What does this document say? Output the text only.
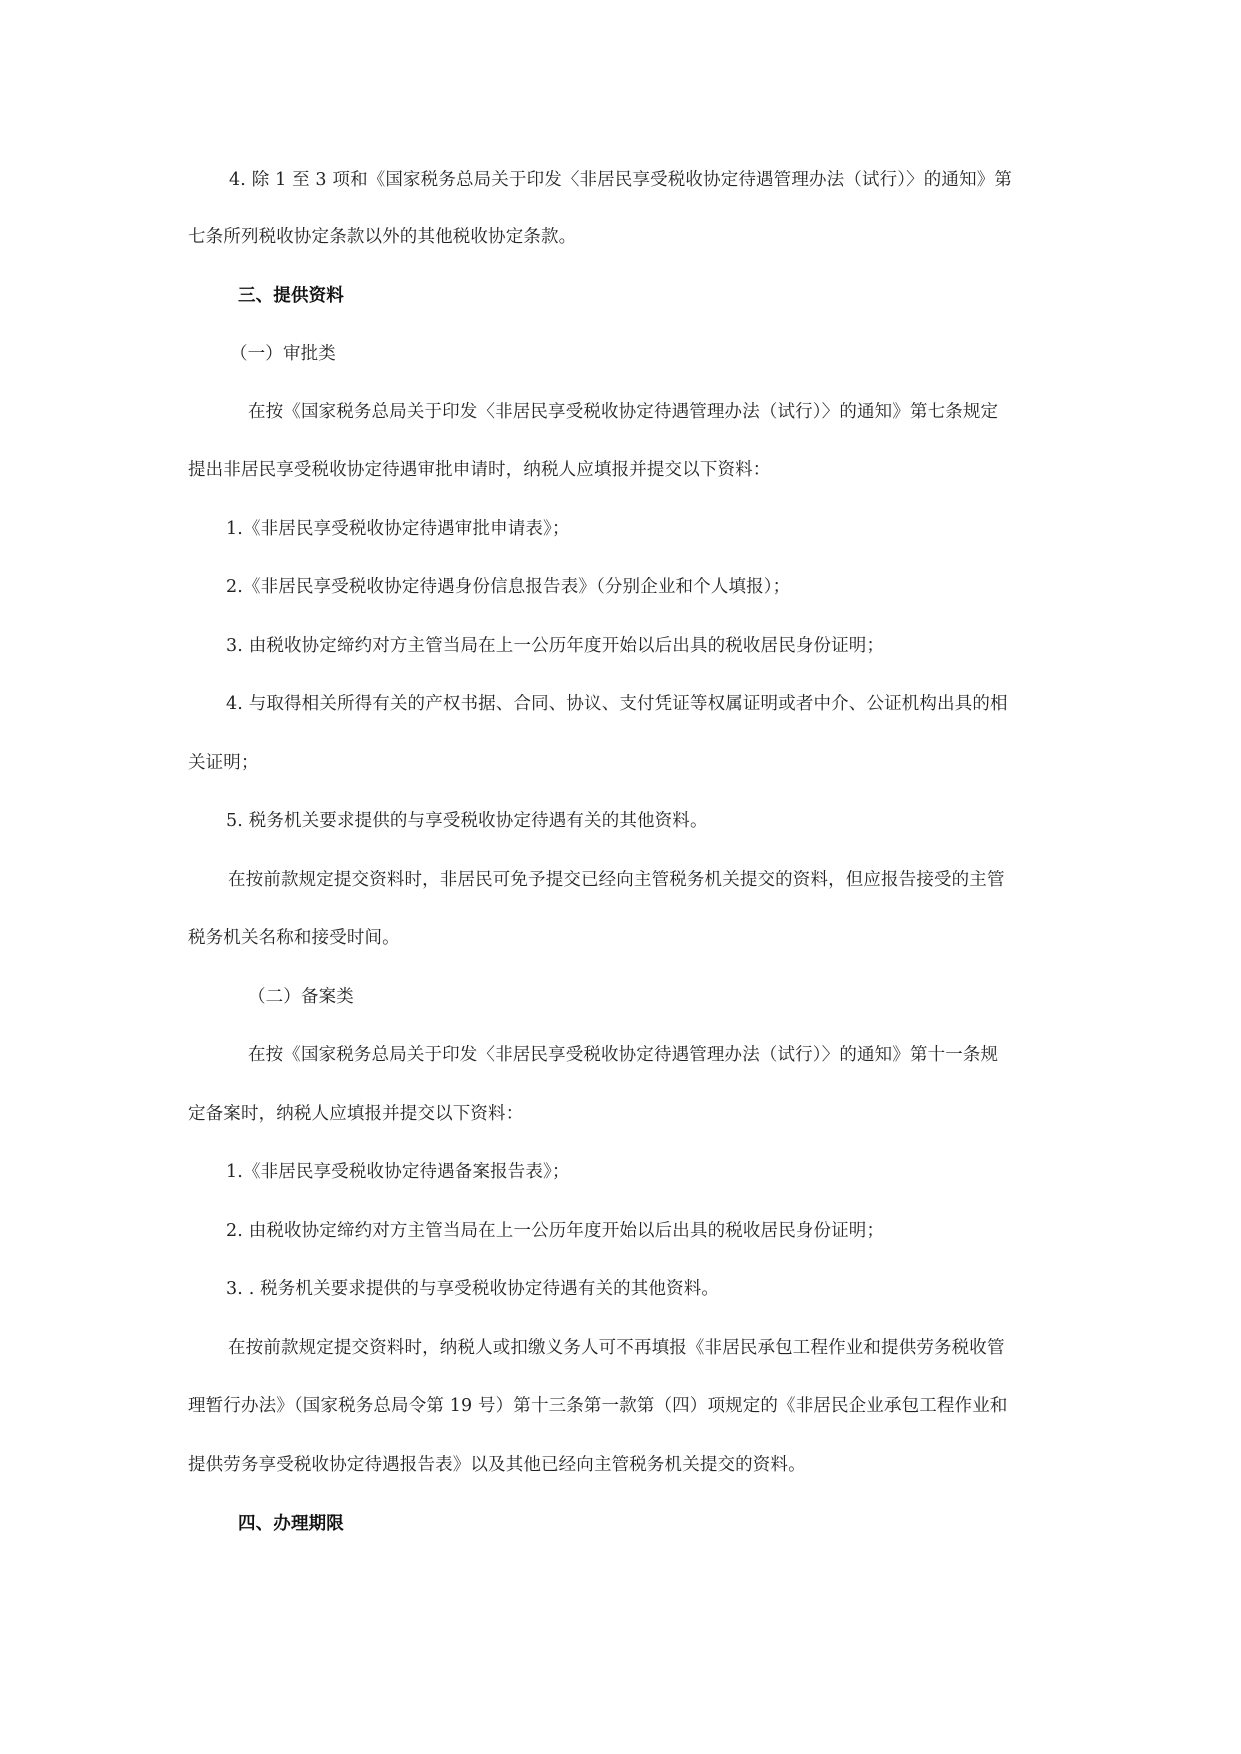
4. 除 1 至 3 项和《国家税务总局关于印发〈非居民享受税收协定待遇管理办法（试行）〉的通知》第
七条所列税收协定条款以外的其他税收协定条款。
三、提供资料
（一）审批类
在按《国家税务总局关于印发〈非居民享受税收协定待遇管理办法（试行）〉的通知》第七条规定
提出非居民享受税收协定待遇审批申请时，纳税人应填报并提交以下资料：
1.《非居民享受税收协定待遇审批申请表》；
2.《非居民享受税收协定待遇身份信息报告表》（分别企业和个人填报）；
3. 由税收协定缔约对方主管当局在上一公历年度开始以后出具的税收居民身份证明；
4. 与取得相关所得有关的产权书据、合同、协议、支付凭证等权属证明或者中介、公证机构出具的相
关证明；
5. 税务机关要求提供的与享受税收协定待遇有关的其他资料。
在按前款规定提交资料时，非居民可免予提交已经向主管税务机关提交的资料，但应报告接受的主管
税务机关名称和接受时间。
（二）备案类
在按《国家税务总局关于印发〈非居民享受税收协定待遇管理办法（试行）〉的通知》第十一条规
定备案时，纳税人应填报并提交以下资料：
1.《非居民享受税收协定待遇备案报告表》；
2. 由税收协定缔约对方主管当局在上一公历年度开始以后出具的税收居民身份证明；
3. . 税务机关要求提供的与享受税收协定待遇有关的其他资料。
在按前款规定提交资料时，纳税人或扣缴义务人可不再填报《非居民承包工程作业和提供劳务税收管
理暂行办法》（国家税务总局令第 19 号）第十三条第一款第（四）项规定的《非居民企业承包工程作业和
提供劳务享受税收协定待遇报告表》以及其他已经向主管税务机关提交的资料。
四、办理期限
